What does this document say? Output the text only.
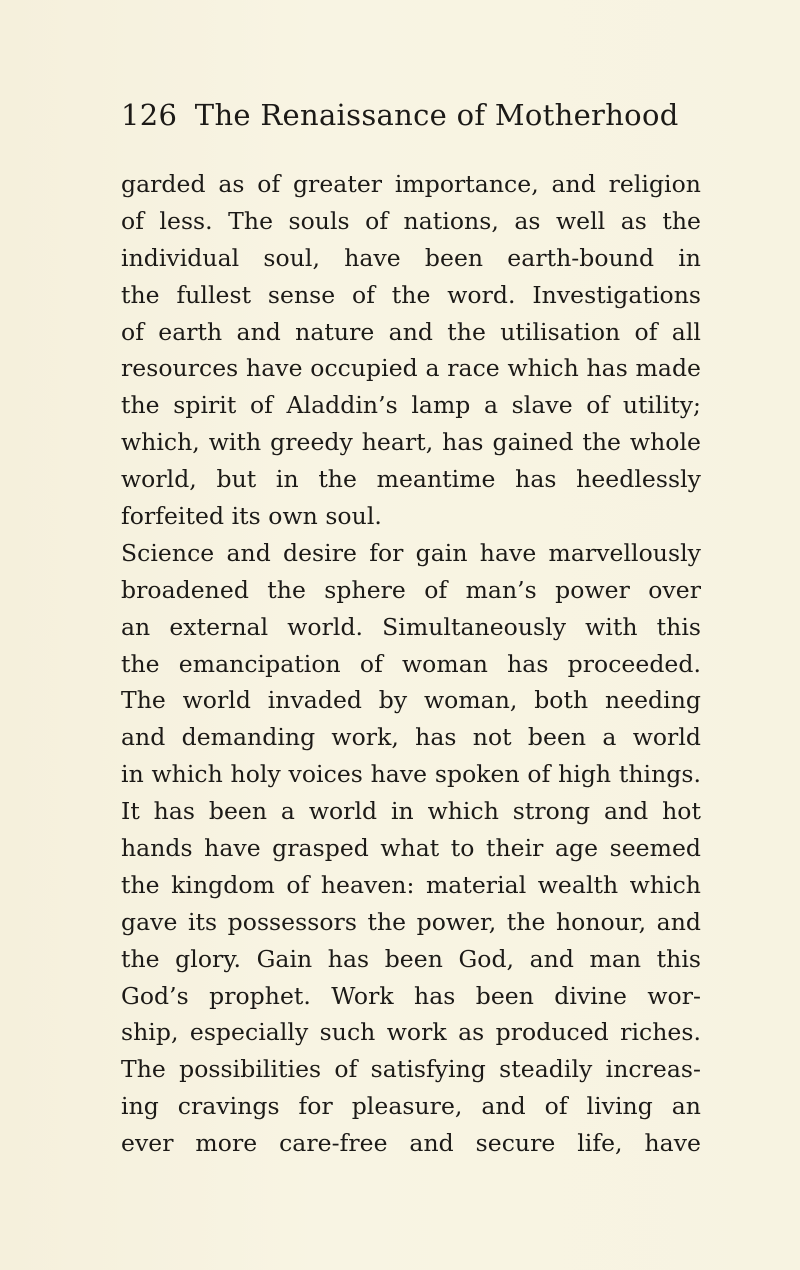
126 The Renaissance of Motherhood
garded as of greater importance, and religion
of less. The souls of nations, as well as the
individual soul, have been earth-bound in
the fullest sense of the word. Investigations
of earth and nature and the utilisation of all
resources have occupied a race which has made
the spirit of Aladdin’s lamp a slave of utility;
which, with greedy heart, has gained the whole
world, but in the meantime has heedlessly
forfeited its own soul.
Science and desire for gain have marvellously
broadened the sphere of man’s power over
an external world. Simultaneously with this
the emancipation of woman has proceeded.
The world invaded by woman, both needing
and demanding work, has not been a world
in which holy voices have spoken of high things.
It has been a world in which strong and hot
hands have grasped what to their age seemed
the kingdom of heaven: material wealth which
gave its possessors the power, the honour, and
the glory. Gain has been God, and man this
God’s prophet. Work has been divine wor-
ship, especially such work as produced riches.
The possibilities of satisfying steadily increas-
ing cravings for pleasure, and of living an
ever more care-free and secure life, have
